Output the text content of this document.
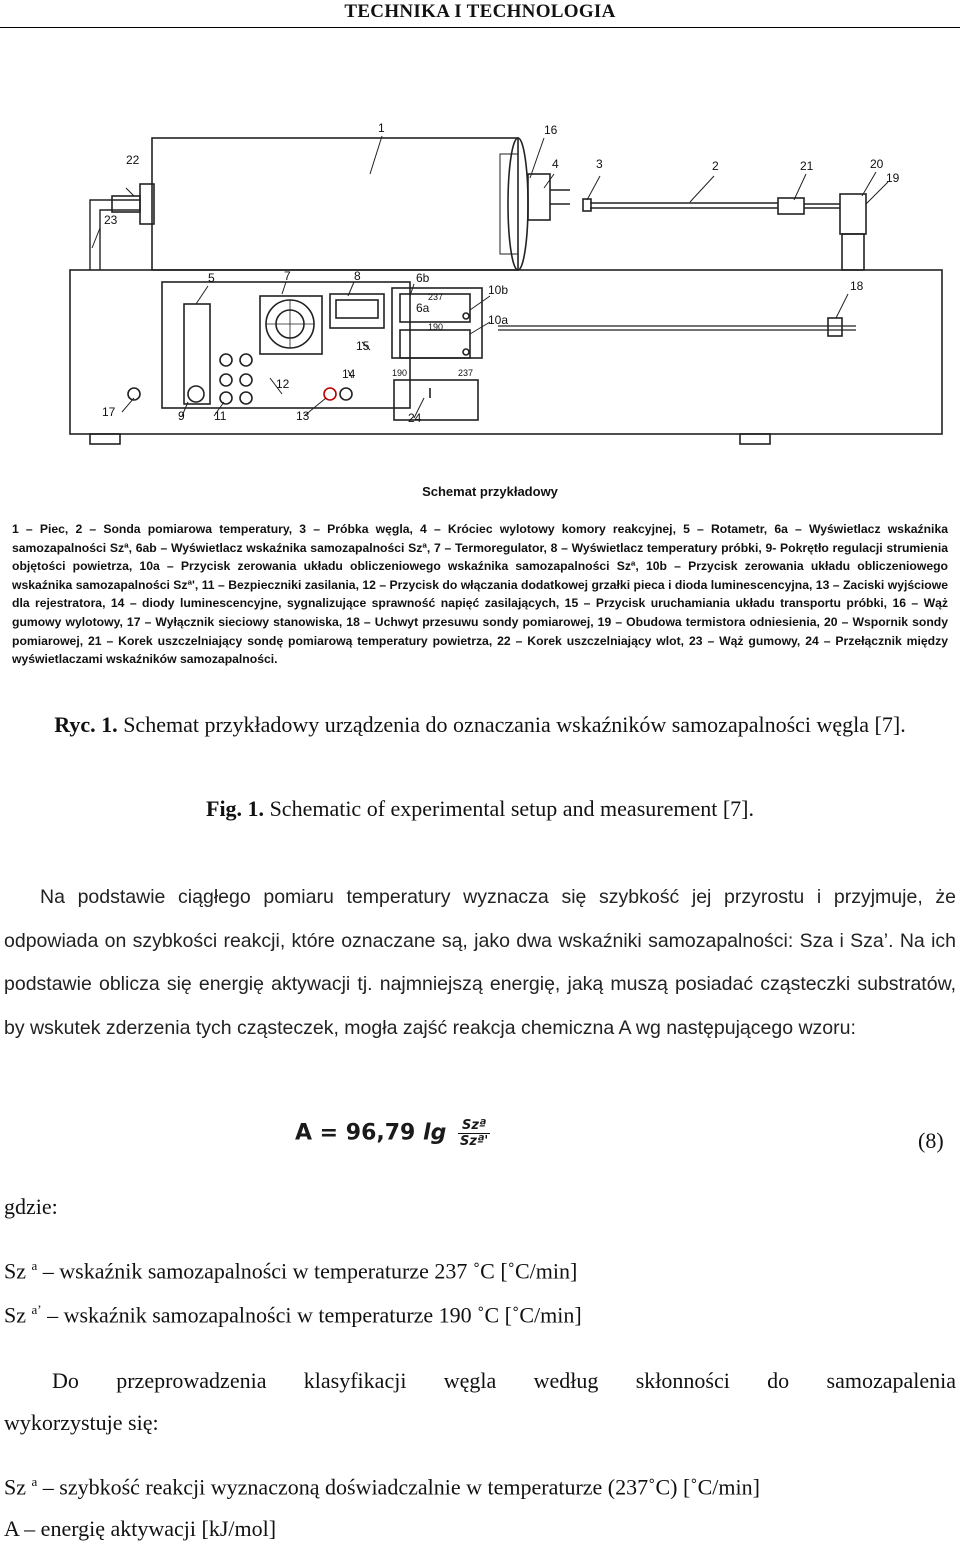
TECHNIKA I TECHNOLOGIA
1	16
4	3	2	21	20
19
22
23
5	7	8	6b
10b
6a
237
190	10a
18
15
14
12
17	9 11	13	24
190	237
Schemat przykładowy
1 – Piec, 2 – Sonda pomiarowa temperatury, 3 – Próbka węgla, 4 – Króciec wylotowy komory reakcyjnej, 5 – Rotametr, 6a – Wyświetlacz wskaźnika samozapalności Szª, 6ab – Wyświetlacz wskaźnika samozapalności Szª, 7 – Termoregulator, 8 – Wyświetlacz temperatury próbki, 9- Pokrętło regulacji strumienia objętości powietrza, 10a – Przycisk zerowania układu obliczeniowego wskaźnika samozapalności Szª, 10b – Przycisk zerowania układu obliczeniowego wskaźnika samozapalności Szª', 11 – Bezpieczniki zasilania, 12 – Przycisk do włączania dodatkowej grzałki pieca i dioda luminescencyjna, 13 – Zaciski wyjściowe dla rejestratora, 14 – diody luminescencyjne, sygnalizujące sprawność napięć zasilających, 15 – Przycisk uruchamiania układu transportu próbki, 16 – Wąż gumowy wylotowy, 17 – Wyłącznik sieciowy stanowiska, 18 – Uchwyt przesuwu sondy pomiarowej, 19 – Obudowa termistora odniesienia, 20 – Wspornik sondy pomiarowej, 21 – Korek uszczelniający sondę pomiarową temperatury powietrza, 22 – Korek uszczelniający wlot, 23 – Wąż gumowy, 24 – Przełącznik między wyświetlaczami wskaźników samozapalności.
Ryc. 1. Schemat przykładowy urządzenia do oznaczania wskaźników samozapalności węgla [7].
Fig. 1. Schematic of experimental setup and measurement [7].
Na podstawie ciągłego pomiaru temperatury wyznacza się szybkość jej przyrostu i przyjmuje, że odpowiada on szybkości reakcji, które oznaczane są, jako dwa wskaźniki samozapalności: Sza i Sza’. Na ich podstawie oblicza się energię aktywacji tj. najmniejszą energię, jaką muszą posiadać cząsteczki substratów, by wskutek zderzenia tych cząsteczek, mogła zajść reakcja chemiczna A wg następującego wzoru:
A = 96,79 $\lg \frac{\text{Szª}}{\text{Szª'}}$	(8)
gdzie:
Sz $^a$ – wskaźnik samozapalności w temperaturze 237 ˚C [˚C/min]
Sz $^{a’}$ – wskaźnik samozapalności w temperaturze 190 ˚C [˚C/min]
Do przeprowadzenia klasyfikacji węgla według skłonności do samozapalenia
wykorzystuje się:
Sz $^a$ – szybkość reakcji wyznaczoną doświadczalnie w temperaturze (237˚C) [˚C/min]
A – energię aktywacji [kJ/mol]
